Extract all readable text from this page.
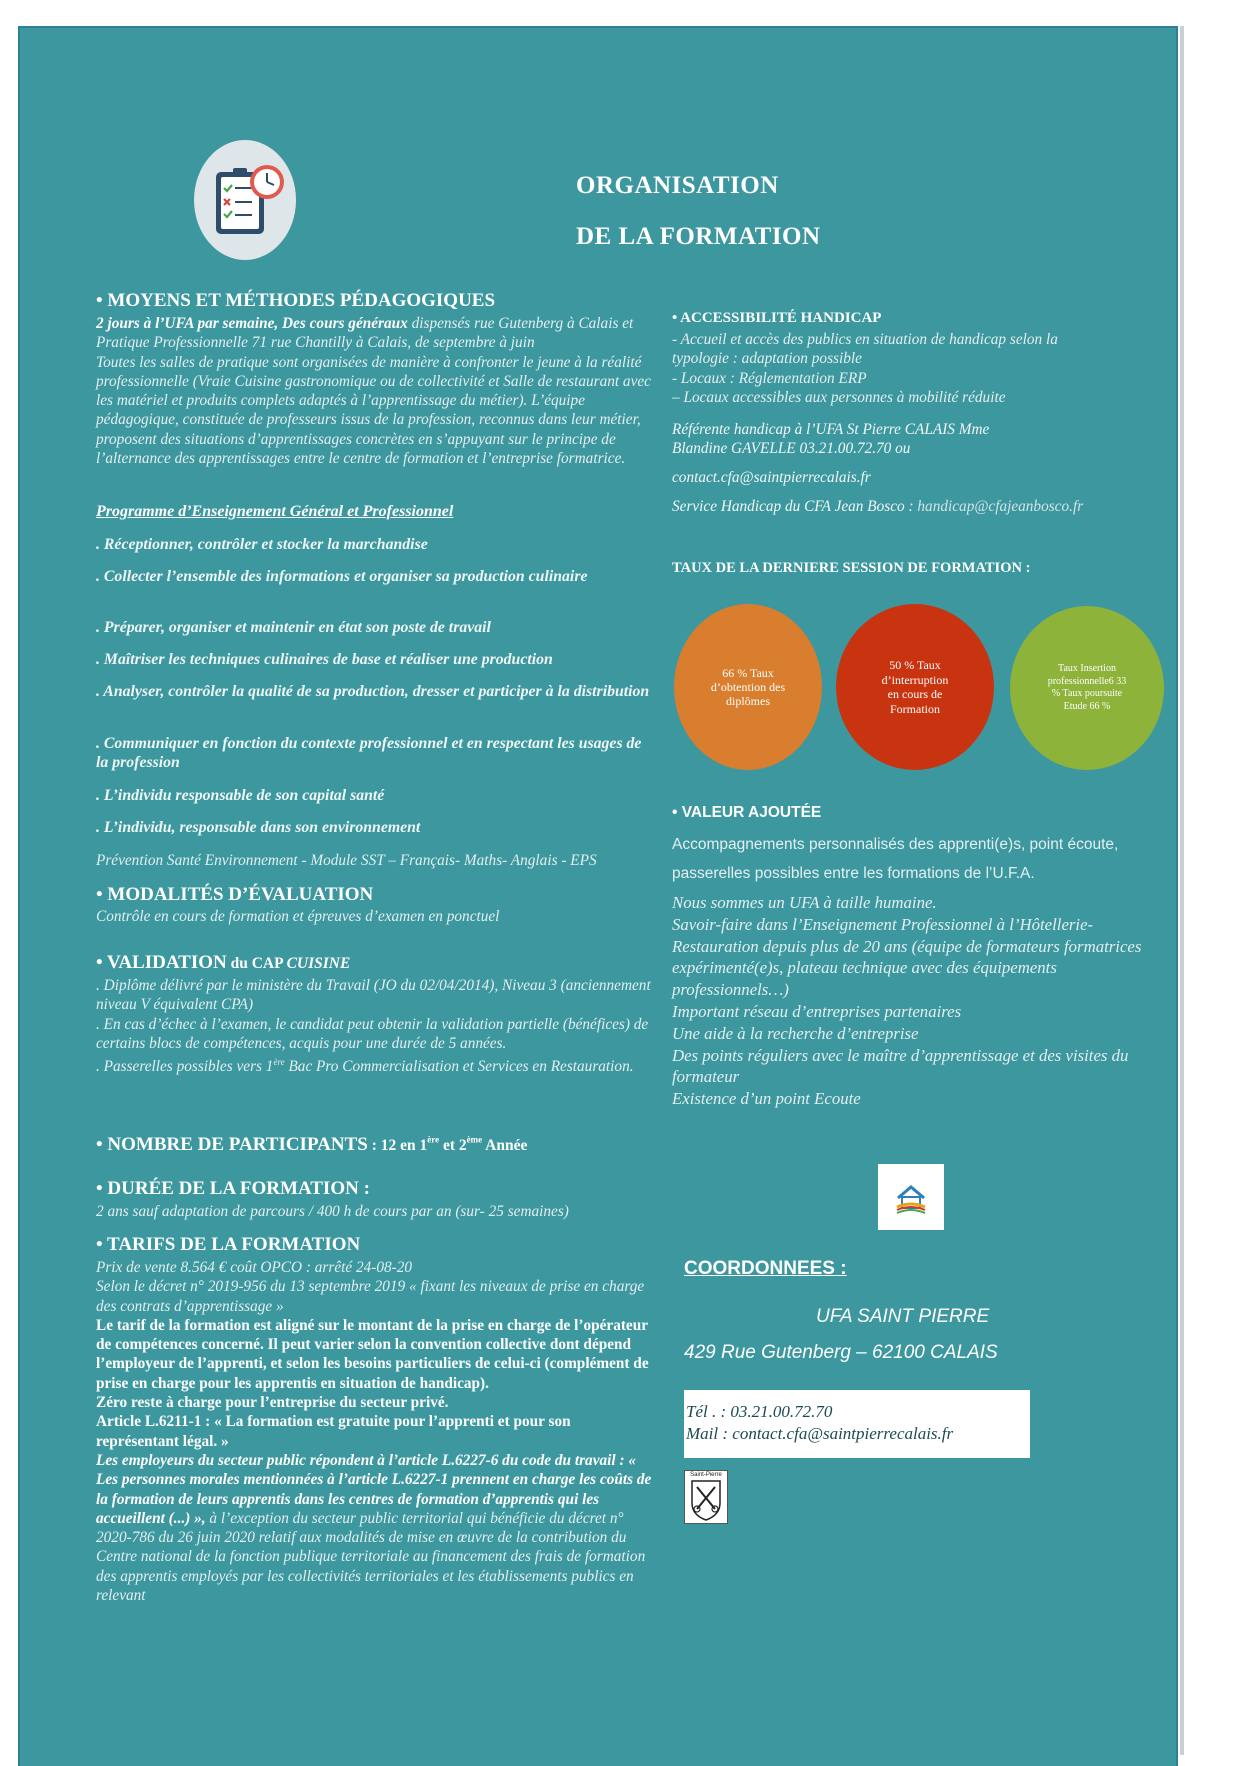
ORGANISATION
DE LA FORMATION
• MOYENS ET MÉTHODES PÉDAGOGIQUES
2 jours à l’UFA par semaine, Des cours généraux dispensés rue Gutenberg à Calais et Pratique Professionnelle 71 rue Chantilly à Calais, de septembre à juin
Toutes les salles de pratique sont organisées de manière à confronter le jeune à la réalité professionnelle (Vraie Cuisine gastronomique ou de collectivité et Salle de restaurant avec les matériel et produits complets adaptés à l’apprentissage du métier). L’équipe pédagogique, constituée de professeurs issus de la profession, reconnus dans leur métier, proposent des situations d’apprentissages concrètes en s’appuyant sur le principe de l’alternance des apprentissages entre le centre de formation et l’entreprise formatrice.
Programme d’Enseignement Général et Professionnel
. Réceptionner, contrôler et stocker la marchandise
. Collecter l’ensemble des informations et organiser sa production culinaire
. Préparer, organiser et maintenir en état son poste de travail
. Maîtriser les techniques culinaires de base et réaliser une production
. Analyser, contrôler la qualité de sa production, dresser et participer à la distribution
. Communiquer en fonction du contexte professionnel et en respectant les usages de la profession
. L’individu responsable de son capital santé
. L’individu, responsable dans son environnement
Prévention Santé Environnement - Module SST – Français- Maths- Anglais - EPS
• MODALITÉS D’ÉVALUATION
Contrôle en cours de formation et épreuves d’examen en ponctuel
• VALIDATION du CAP CUISINE
. Diplôme délivré par le ministère du Travail (JO du 02/04/2014), Niveau 3 (anciennement niveau V équivalent CPA)
. En cas d’échec à l’examen, le candidat peut obtenir la validation partielle (bénéfices) de certains blocs de compétences, acquis pour une durée de 5 années.
. Passerelles possibles vers 1ère Bac Pro Commercialisation et Services en Restauration.
• NOMBRE DE PARTICIPANTS : 12 en 1ère et 2ème Année
• DURÉE DE LA FORMATION :
2 ans sauf adaptation de parcours / 400 h de cours par an (sur- 25 semaines)
• TARIFS DE LA FORMATION
Prix de vente 8.564 € coût OPCO : arrêté 24-08-20
Selon le décret n° 2019-956 du 13 septembre 2019 « fixant les niveaux de prise en charge des contrats d’apprentissage »
Le tarif de la formation est aligné sur le montant de la prise en charge de l’opérateur de compétences concerné. Il peut varier selon la convention collective dont dépend l’employeur de l’apprenti, et selon les besoins particuliers de celui-ci (complément de prise en charge pour les apprentis en situation de handicap).
Zéro reste à charge pour l’entreprise du secteur privé.
Article L.6211-1 : « La formation est gratuite pour l’apprenti et pour son représentant légal. »
Les employeurs du secteur public répondent à l’article L.6227-6 du code du travail : « Les personnes morales mentionnées à l’article L.6227-1 prennent en charge les coûts de la formation de leurs apprentis dans les centres de formation d’apprentis qui les accueillent (...) », à l’exception du secteur public territorial qui bénéficie du décret n° 2020-786 du 26 juin 2020 relatif aux modalités de mise en œuvre de la contribution du Centre national de la fonction publique territoriale au financement des frais de formation des apprentis employés par les collectivités territoriales et les établissements publics en relevant
• ACCESSIBILITÉ HANDICAP
- Accueil et accès des publics en situation de handicap selon la typologie : adaptation possible
- Locaux : Réglementation ERP
– Locaux accessibles aux personnes à mobilité réduite
Référente handicap à l’UFA St Pierre CALAIS Mme Blandine GAVELLE 03.21.00.72.70 ou
contact.cfa@saintpierrecalais.fr
Service Handicap du CFA Jean Bosco : handicap@cfajeanbosco.fr
TAUX DE LA DERNIERE SESSION DE FORMATION :
66 % Taux d’obtention des diplômes
50 % Taux d’interruption en cours de Formation
Taux Insertion professionnelle6 33 % Taux poursuite Etude 66 %
• VALEUR AJOUTÉE
Accompagnements personnalisés des apprenti(e)s, point écoute, passerelles possibles entre les formations de l’U.F.A.
Nous sommes un UFA à taille humaine.
Savoir-faire dans l’Enseignement Professionnel à l’Hôtellerie-Restauration depuis plus de 20 ans (équipe de formateurs formatrices expérimenté(e)s, plateau technique avec des équipements professionnels…)
Important réseau d’entreprises partenaires
Une aide à la recherche d’entreprise
Des points réguliers avec le maître d’apprentissage et des visites du formateur
Existence d’un point Ecoute
COORDONNEES :
UFA SAINT PIERRE
429 Rue Gutenberg – 62100 CALAIS
Tél . : 03.21.00.72.70
Mail : contact.cfa@saintpierrecalais.fr
Saint-Pierre
